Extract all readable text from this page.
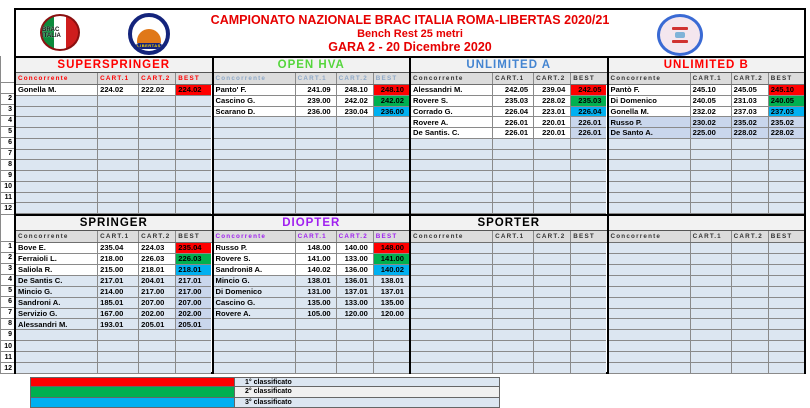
2
3
4
5
6
7
8
9
10
11
12
1
2
3
4
5
6
7
8
9
10
11
12
BRAC ITALIA
LIBERTAS
CAMPIONATO NAZIONALE BRAC ITALIA ROMA-LIBERTAS 2020/21
Bench Rest 25 metri
GARA 2 - 20 Dicembre 2020
SUPERSPRINGER
Concorrente	CART.1	CART.2	BEST
Gonella M.	224.02	222.02	224.02
OPEN HVA
Concorrente	CART.1	CART.2	BEST
Panto' F.	241.09	248.10	248.10
Cascino G.	239.00	242.02	242.02
Scarano D.	236.00	230.04	236.00
UNLIMITED A
Concorrente	CART.1	CART.2	BEST
Alessandri M.	242.05	239.04	242.05
Rovere S.	235.03	228.02	235.03
Corrado G.	226.04	223.01	226.04
Rovere A.	226.01	220.01	226.01
De Santis. C.	226.01	220.01	226.01
UNLIMITED B
Concorrente	CART.1	CART.2	BEST
Pantò F.	245.10	245.05	245.10
Di Domenico	240.05	231.03	240.05
Gonella M.	232.02	237.03	237.03
Russo P.	230.02	235.02	235.02
De Santo A.	225.00	228.02	228.02
SPRINGER
Concorrente	CART.1	CART.2	BEST
Bove E.	235.04	224.03	235.04
Ferraioli L.	218.00	226.03	226.03
Saliola R.	215.00	218.01	218.01
De Santis C.	217.01	204.01	217.01
Mincio G.	214.00	217.00	217.00
Sandroni A.	185.01	207.00	207.00
Servizio G.	167.00	202.00	202.00
Alessandri M.	193.01	205.01	205.01
DIOPTER
Concorrente	CART.1	CART.2	BEST
Russo P.	148.00	140.00	148.00
Rovere S.	141.00	133.00	141.00
Sandroni8 A.	140.02	136.00	140.02
Mincio G.	138.01	136.01	138.01
Di Domenico	131.00	137.01	137.01
Cascino G.	135.00	133.00	135.00
Rovere A.	105.00	120.00	120.00
SPORTER
Concorrente	CART.1	CART.2	BEST	Concorrente	CART.1	CART.2	BEST
1° classificato
2° classificato
3° classificato
